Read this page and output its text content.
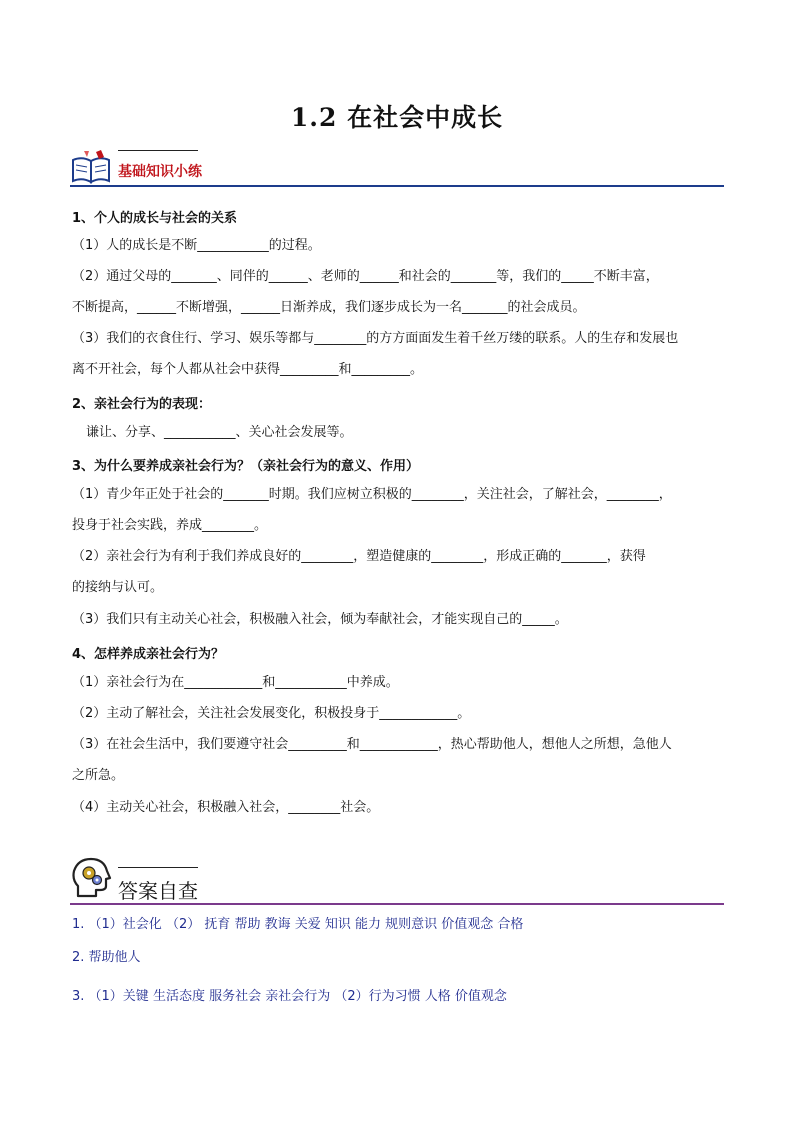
1.2 在社会中成长
基础知识小练
1、个人的成长与社会的关系
（1）人的成长是不断___________的过程。
（2）通过父母的_______、同伴的______、老师的______和社会的_______等，我们的_____不断丰富，
不断提高，______不断增强，______日渐养成，我们逐步成长为一名_______的社会成员。
（3）我们的衣食住行、学习、娱乐等都与________的方方面面发生着千丝万缕的联系。人的生存和发展也
离不开社会，每个人都从社会中获得_________和_________。
2、亲社会行为的表现：
谦让、分享、___________、关心社会发展等。
3、为什么要养成亲社会行为？（亲社会行为的意义、作用）
（1）青少年正处于社会的_______时期。我们应树立积极的________，关注社会，了解社会，________，
投身于社会实践，养成________。
（2）亲社会行为有利于我们养成良好的________，塑造健康的________，形成正确的_______，获得
的接纳与认可。
（3）我们只有主动关心社会，积极融入社会，倾为奉献社会，才能实现自己的_____。
4、怎样养成亲社会行为？
（1）亲社会行为在____________和___________中养成。
（2）主动了解社会，关注社会发展变化，积极投身于____________。
（3）在社会生活中，我们要遵守社会_________和____________，热心帮助他人，想他人之所想，急他人
之所急。
（4）主动关心社会，积极融入社会，________社会。
答案自查
1. （1）社会化 （2） 抚育 帮助 教诲 关爱 知识 能力 规则意识 价值观念 合格
2. 帮助他人
3. （1）关键 生活态度 服务社会 亲社会行为 （2）行为习惯 人格 价值观念
